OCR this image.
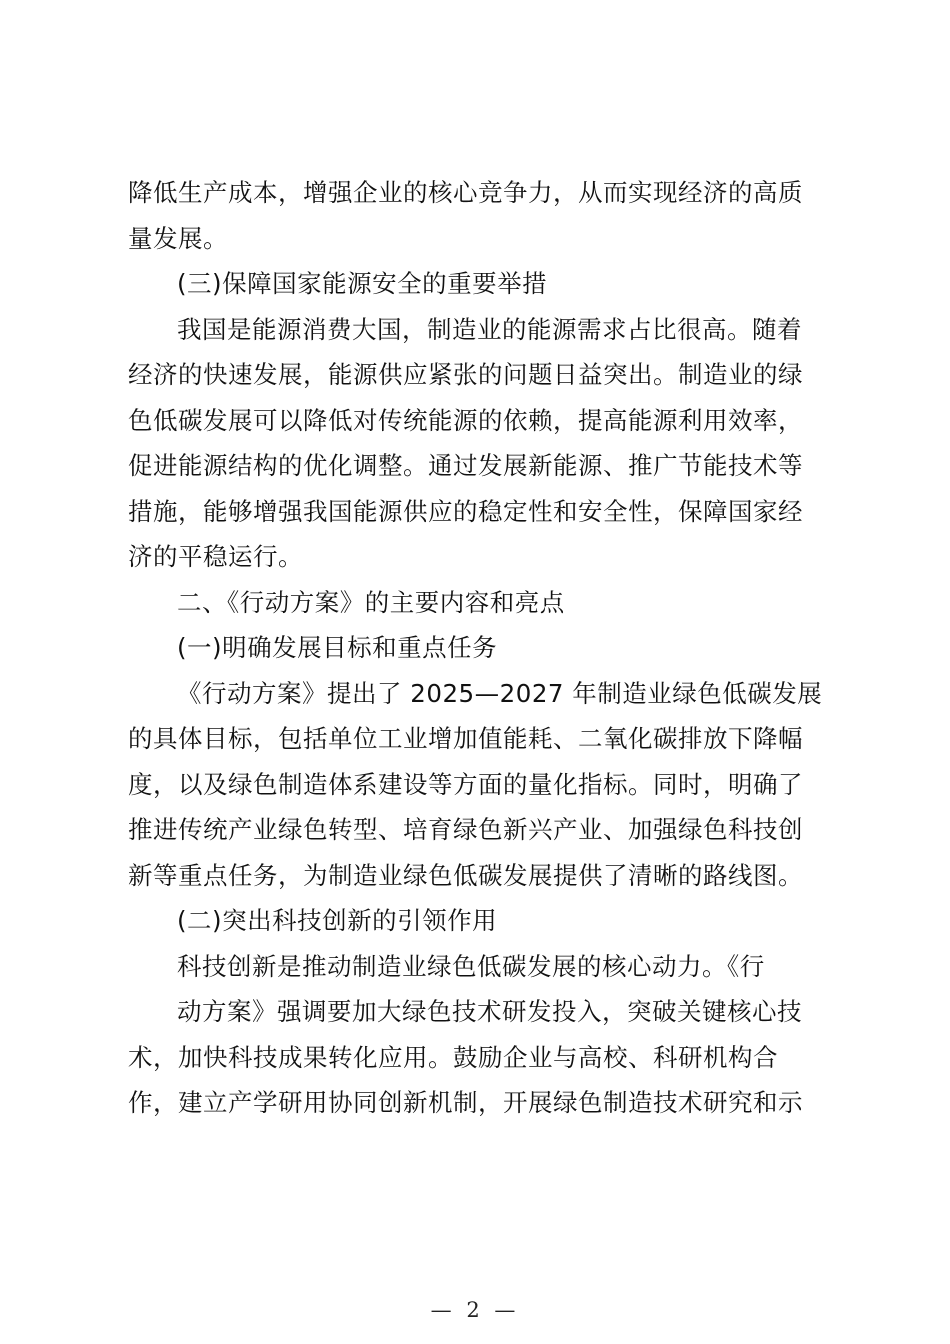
降低生产成本，增强企业的核心竞争力，从而实现经济的高质
量发展。
(三)保障国家能源安全的重要举措
我国是能源消费大国，制造业的能源需求占比很高。随着
经济的快速发展，能源供应紧张的问题日益突出。制造业的绿
色低碳发展可以降低对传统能源的依赖，提高能源利用效率，
促进能源结构的优化调整。通过发展新能源、推广节能技术等
措施，能够增强我国能源供应的稳定性和安全性，保障国家经
济的平稳运行。
二、《行动方案》的主要内容和亮点
(一)明确发展目标和重点任务
《行动方案》提出了 2025—2027 年制造业绿色低碳发展
的具体目标，包括单位工业增加值能耗、二氧化碳排放下降幅
度，以及绿色制造体系建设等方面的量化指标。同时，明确了
推进传统产业绿色转型、培育绿色新兴产业、加强绿色科技创
新等重点任务，为制造业绿色低碳发展提供了清晰的路线图。
(二)突出科技创新的引领作用
科技创新是推动制造业绿色低碳发展的核心动力。《行
动方案》强调要加大绿色技术研发投入，突破关键核心技
术，加快科技成果转化应用。鼓励企业与高校、科研机构合
作，建立产学研用协同创新机制，开展绿色制造技术研究和示
— 2 —
